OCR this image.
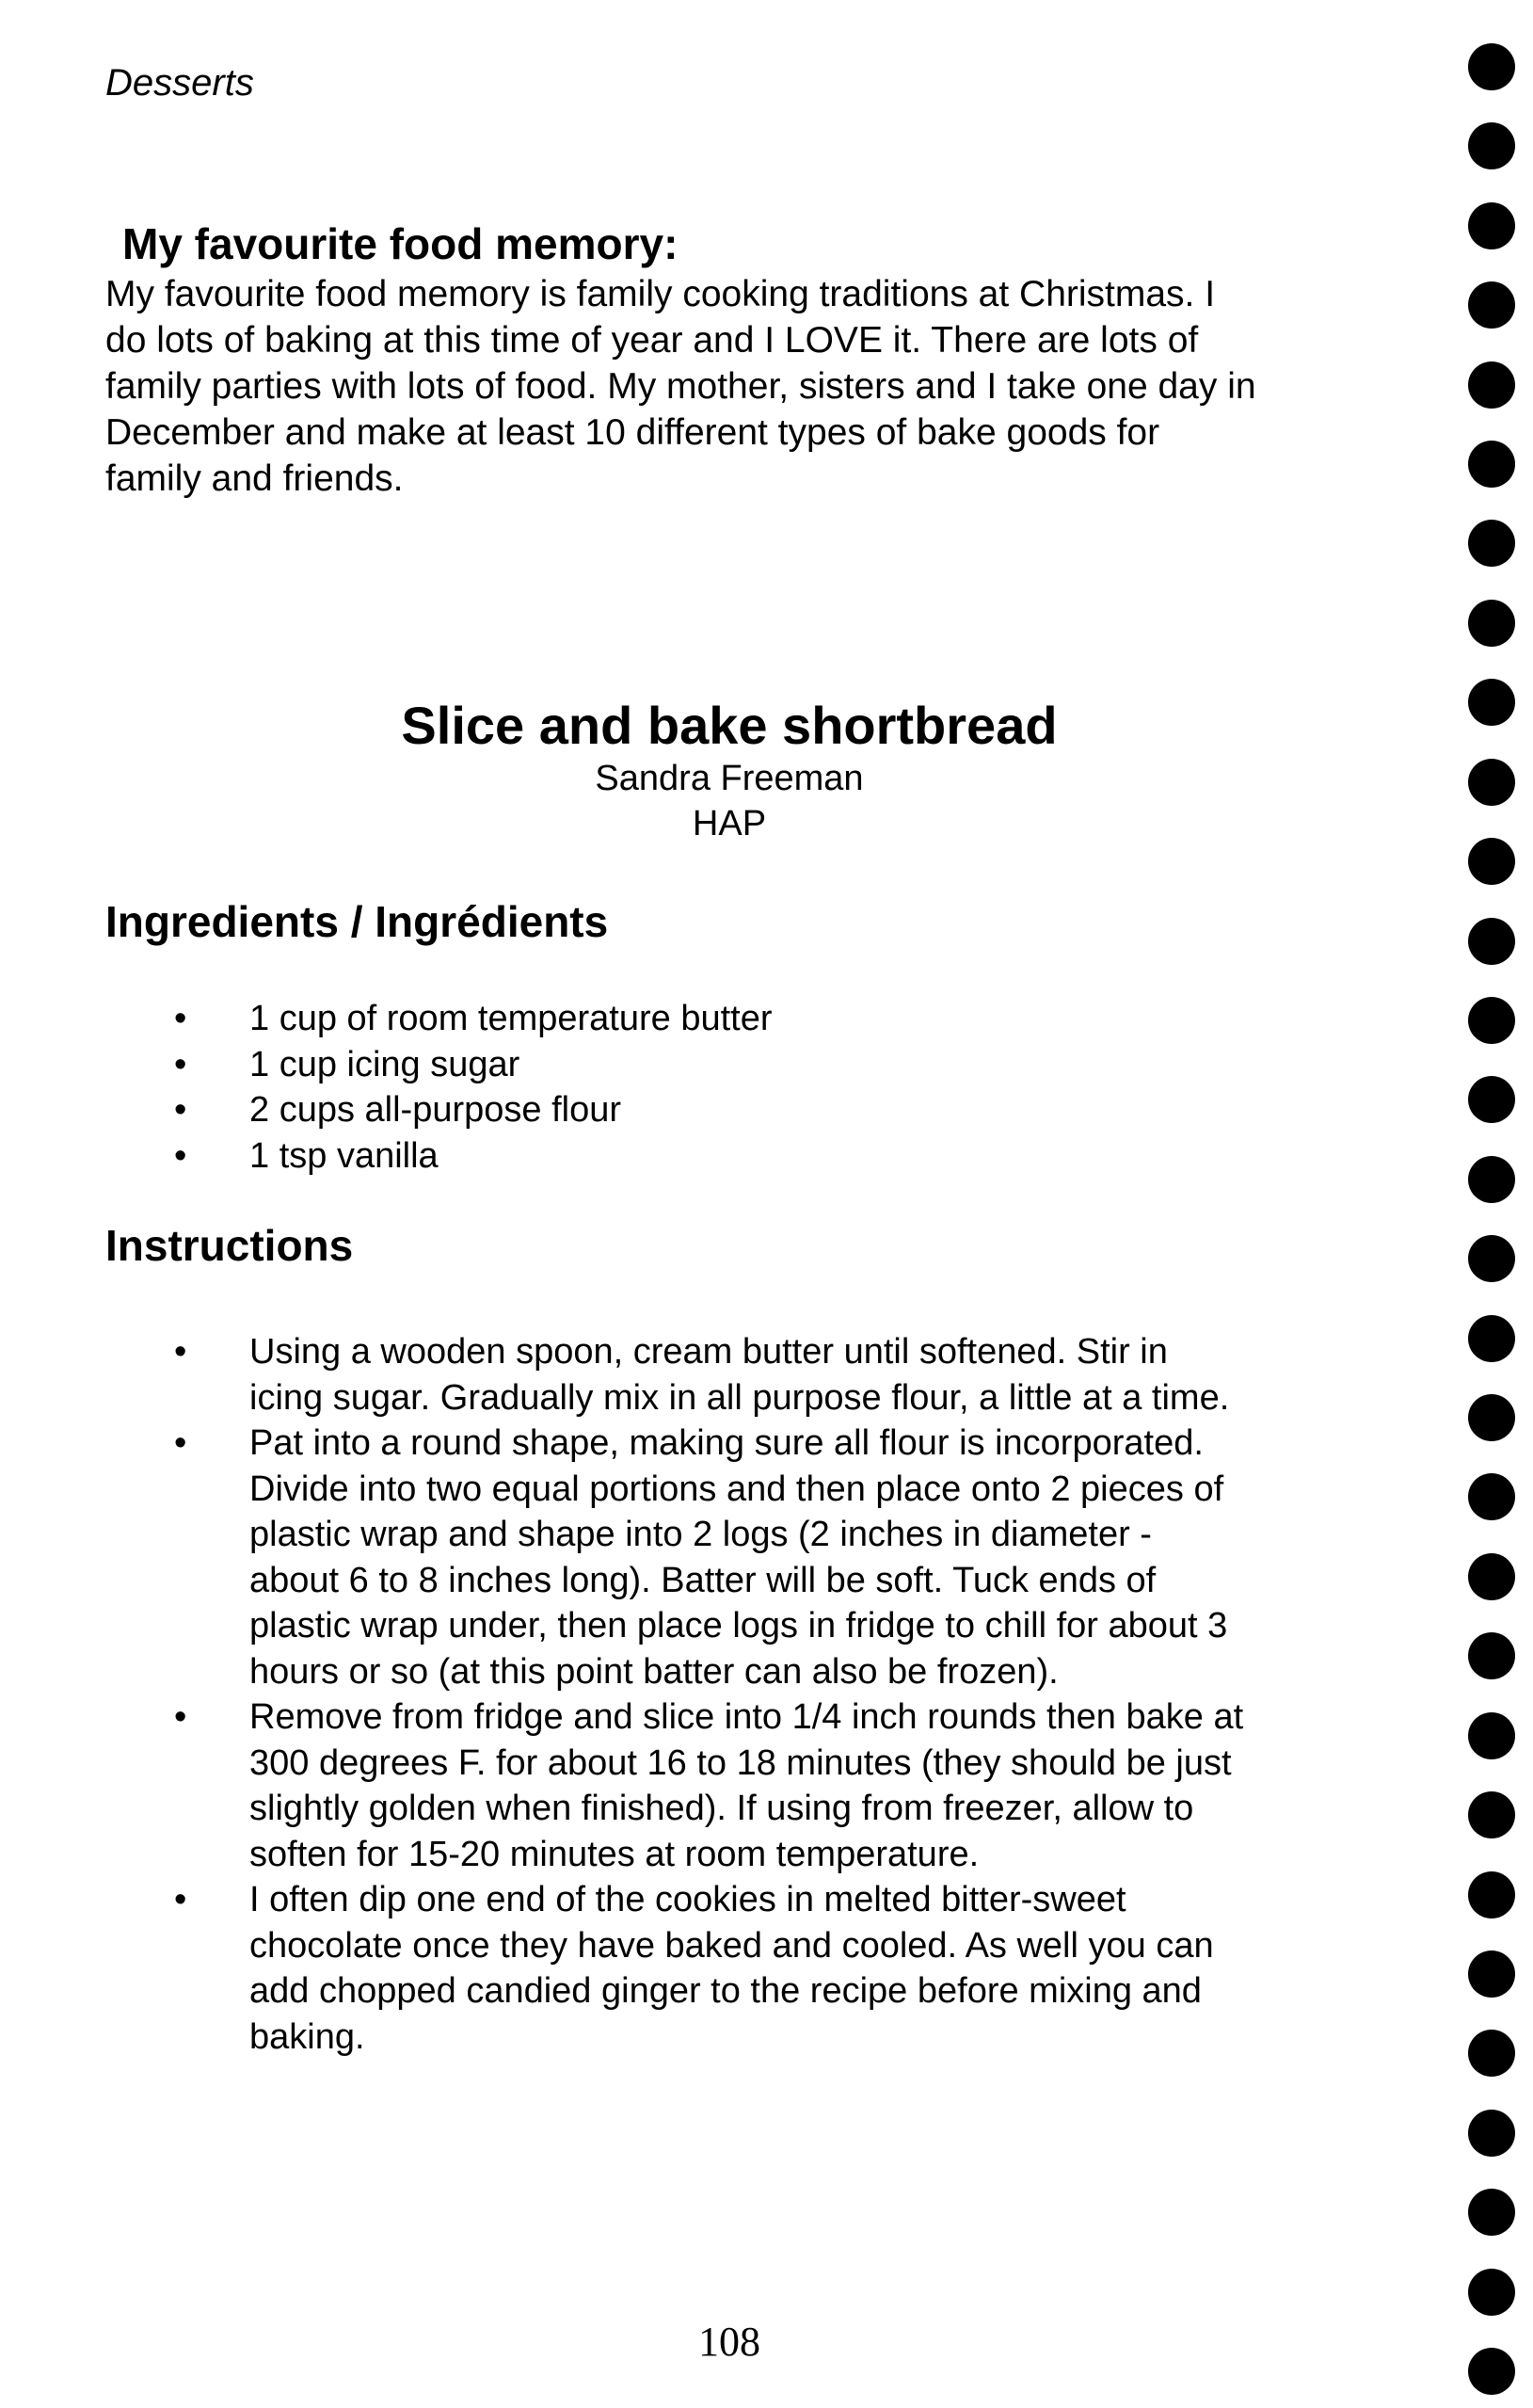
Desserts
My favourite food memory:
My favourite food memory is family cooking traditions at Christmas. I
do lots of baking at this time of year and I LOVE it. There are lots of
family parties with lots of food. My mother, sisters and I take one day in
December and make at least 10 different types of bake goods for
family and friends.
Slice and bake shortbread
Sandra Freeman
HAP
Ingredients / Ingrédients
• 1 cup of room temperature butter
• 1 cup icing sugar
• 2 cups all-purpose flour
• 1 tsp vanilla
Instructions
• Using a wooden spoon, cream butter until softened. Stir in
icing sugar. Gradually mix in all purpose flour, a little at a time.
• Pat into a round shape, making sure all flour is incorporated.
Divide into two equal portions and then place onto 2 pieces of
plastic wrap and shape into 2 logs (2 inches in diameter -
about 6 to 8 inches long). Batter will be soft. Tuck ends of
plastic wrap under, then place logs in fridge to chill for about 3
hours or so (at this point batter can also be frozen).
• Remove from fridge and slice into 1/4 inch rounds then bake at
300 degrees F. for about 16 to 18 minutes (they should be just
slightly golden when finished). If using from freezer, allow to
soften for 15-20 minutes at room temperature.
• I often dip one end of the cookies in melted bitter-sweet
chocolate once they have baked and cooled. As well you can
add chopped candied ginger to the recipe before mixing and
baking.
108
